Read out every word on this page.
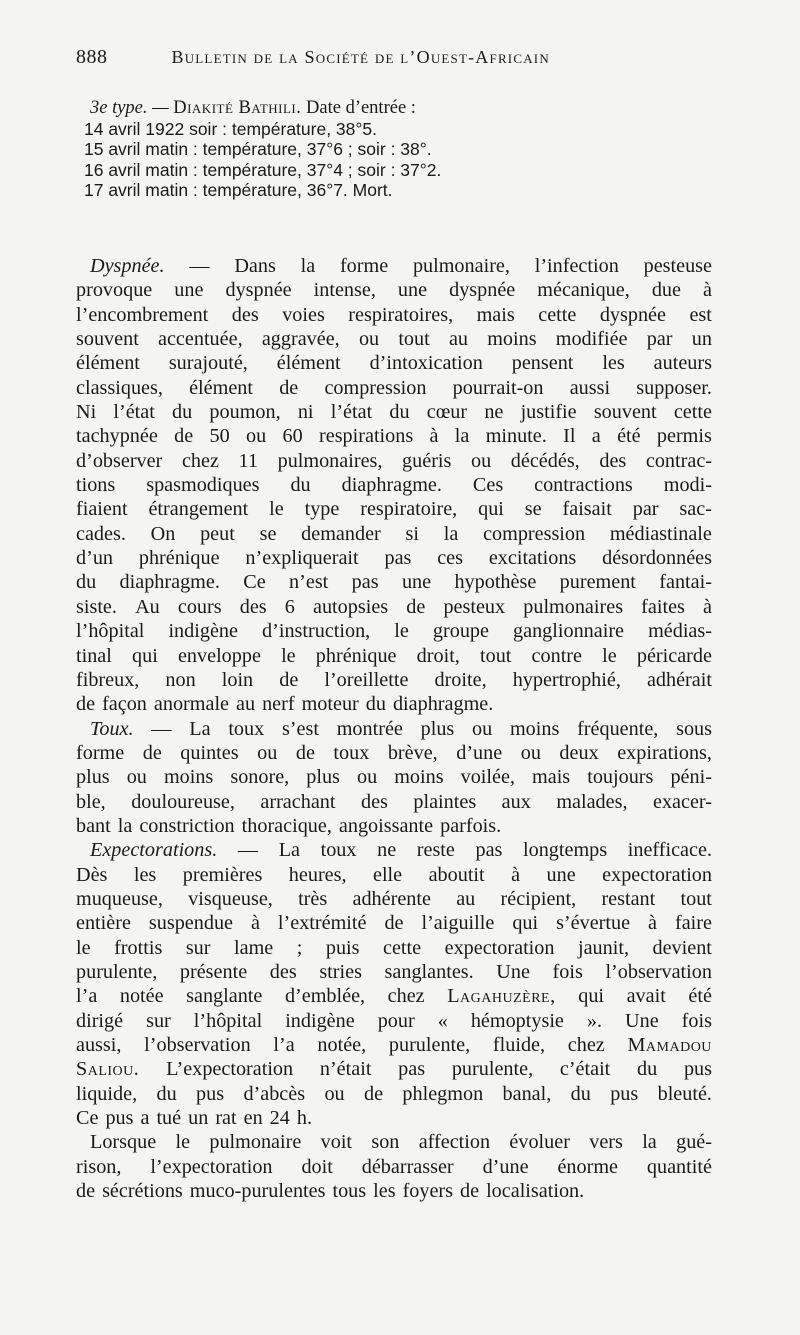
888	Bulletin de la Société de l’Ouest-Africain
3e type. — Diakité Bathili. Date d’entrée :
14 avril 1922 soir : température, 38°5.
15 avril matin : température, 37°6 ; soir : 38°.
16 avril matin : température, 37°4 ; soir : 37°2.
17 avril matin : température, 36°7. Mort.
Dyspnée. — Dans la forme pulmonaire, l’infection pesteuse
provoque une dyspnée intense, une dyspnée mécanique, due à
l’encombrement des voies respiratoires, mais cette dyspnée est
souvent accentuée, aggravée, ou tout au moins modifiée par un
élément surajouté, élément d’intoxication pensent les auteurs
classiques, élément de compression pourrait-on aussi supposer.
Ni l’état du poumon, ni l’état du cœur ne justifie souvent cette
tachypnée de 50 ou 60 respirations à la minute. Il a été permis
d’observer chez 11 pulmonaires, guéris ou décédés, des contrac-
tions spasmodiques du diaphragme. Ces contractions modi-
fiaient étrangement le type respiratoire, qui se faisait par sac-
cades. On peut se demander si la compression médiastinale
d’un phrénique n’expliquerait pas ces excitations désordonnées
du diaphragme. Ce n’est pas une hypothèse purement fantai-
siste. Au cours des 6 autopsies de pesteux pulmonaires faites à
l’hôpital indigène d’instruction, le groupe ganglionnaire médias-
tinal qui enveloppe le phrénique droit, tout contre le péricarde
fibreux, non loin de l’oreillette droite, hypertrophié, adhérait
de façon anormale au nerf moteur du diaphragme.
Toux. — La toux s’est montrée plus ou moins fréquente, sous
forme de quintes ou de toux brève, d’une ou deux expirations,
plus ou moins sonore, plus ou moins voilée, mais toujours péni-
ble, douloureuse, arrachant des plaintes aux malades, exacer-
bant la constriction thoracique, angoissante parfois.
Expectorations. — La toux ne reste pas longtemps inefficace.
Dès les premières heures, elle aboutit à une expectoration
muqueuse, visqueuse, très adhérente au récipient, restant tout
entière suspendue à l’extrémité de l’aiguille qui s’évertue à faire
le frottis sur lame ; puis cette expectoration jaunit, devient
purulente, présente des stries sanglantes. Une fois l’observation
l’a notée sanglante d’emblée, chez Lagahuzère, qui avait été
dirigé sur l’hôpital indigène pour « hémoptysie ». Une fois
aussi, l’observation l’a notée, purulente, fluide, chez Mamadou
Saliou. L’expectoration n’était pas purulente, c’était du pus
liquide, du pus d’abcès ou de phlegmon banal, du pus bleuté.
Ce pus a tué un rat en 24 h.
Lorsque le pulmonaire voit son affection évoluer vers la gué-
rison, l’expectoration doit débarrasser d’une énorme quantité
de sécrétions muco-purulentes tous les foyers de localisation.
